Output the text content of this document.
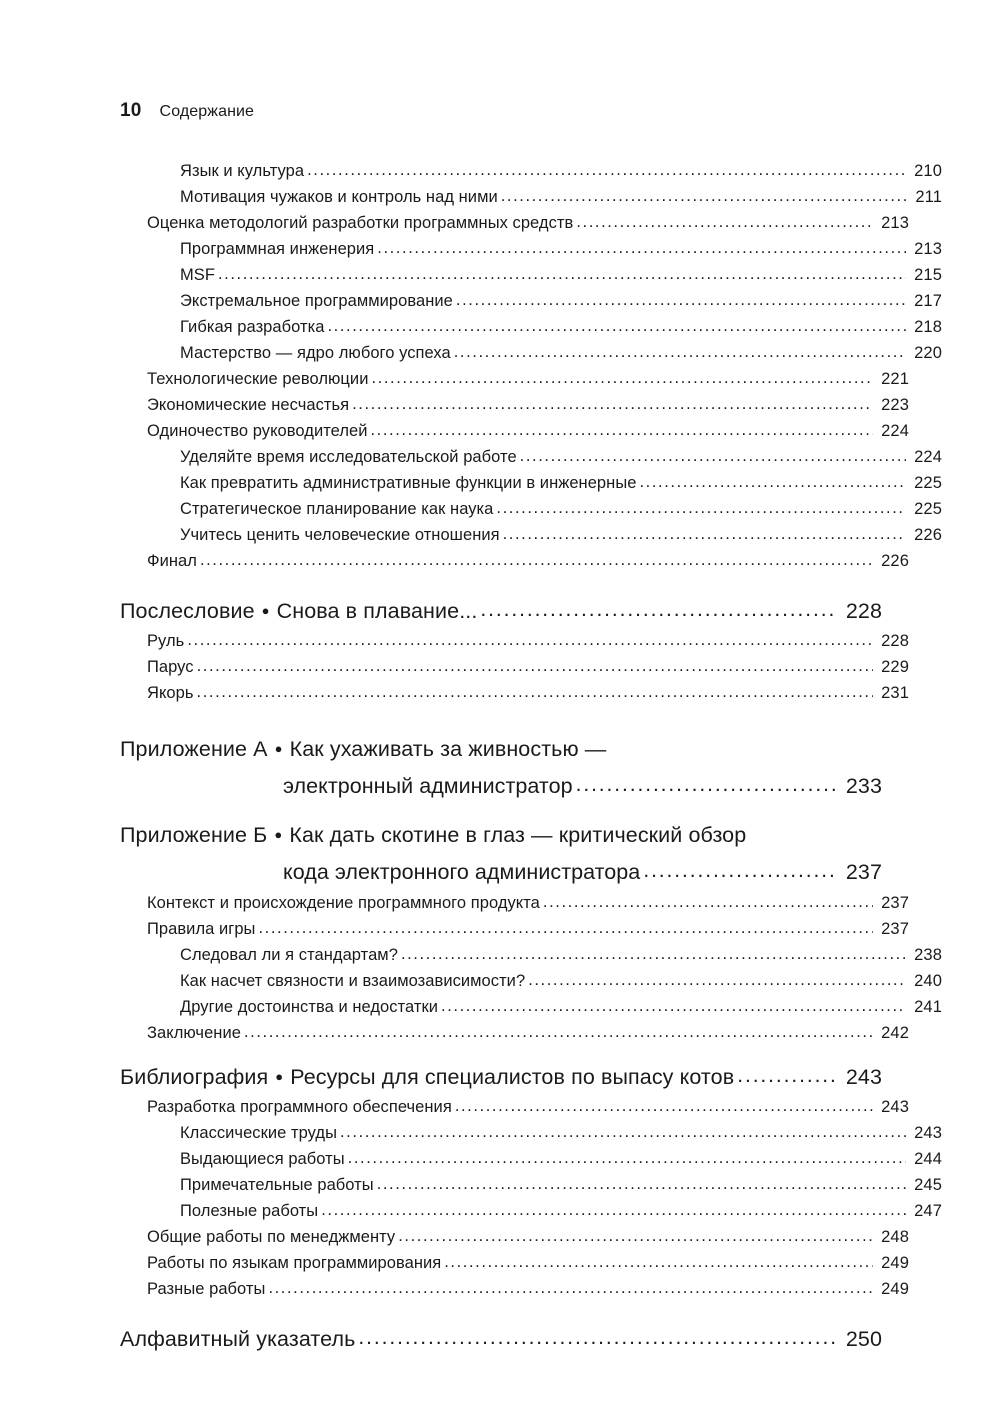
10 Содержание
Язык и культура .....	210
Мотивация чужаков и контроль над ними .....	211
Оценка методологий разработки программных средств .....	213
Программная инженерия .....	213
MSF .....	215
Экстремальное программирование .....	217
Гибкая разработка .....	218
Мастерство — ядро любого успеха .....	220
Технологические революции .....	221
Экономические несчастья .....	223
Одиночество руководителей .....	224
Уделяйте время исследовательской работе .....	224
Как превратить административные функции в инженерные .....	225
Стратегическое планирование как наука .....	225
Учитесь ценить человеческие отношения .....	226
Финал .....	226
Послесловие ● Снова в плавание... .....	228
Руль .....	228
Парус .....	229
Якорь .....	231
Приложение А ● Как ухаживать за живностью —
электронный администратор .....	233
Приложение Б ● Как дать скотине в глаз — критический обзор
кода электронного администратора .....	237
Контекст и происхождение программного продукта .....	237
Правила игры .....	237
Следовал ли я стандартам? .....	238
Как насчет связности и взаимозависимости? .....	240
Другие достоинства и недостатки .....	241
Заключение .....	242
Библиография ● Ресурсы для специалистов по выпасу котов .....	243
Разработка программного обеспечения .....	243
Классические труды .....	243
Выдающиеся работы .....	244
Примечательные работы .....	245
Полезные работы .....	247
Общие работы по менеджменту .....	248
Работы по языкам программирования .....	249
Разные работы .....	249
Алфавитный указатель .....	250
